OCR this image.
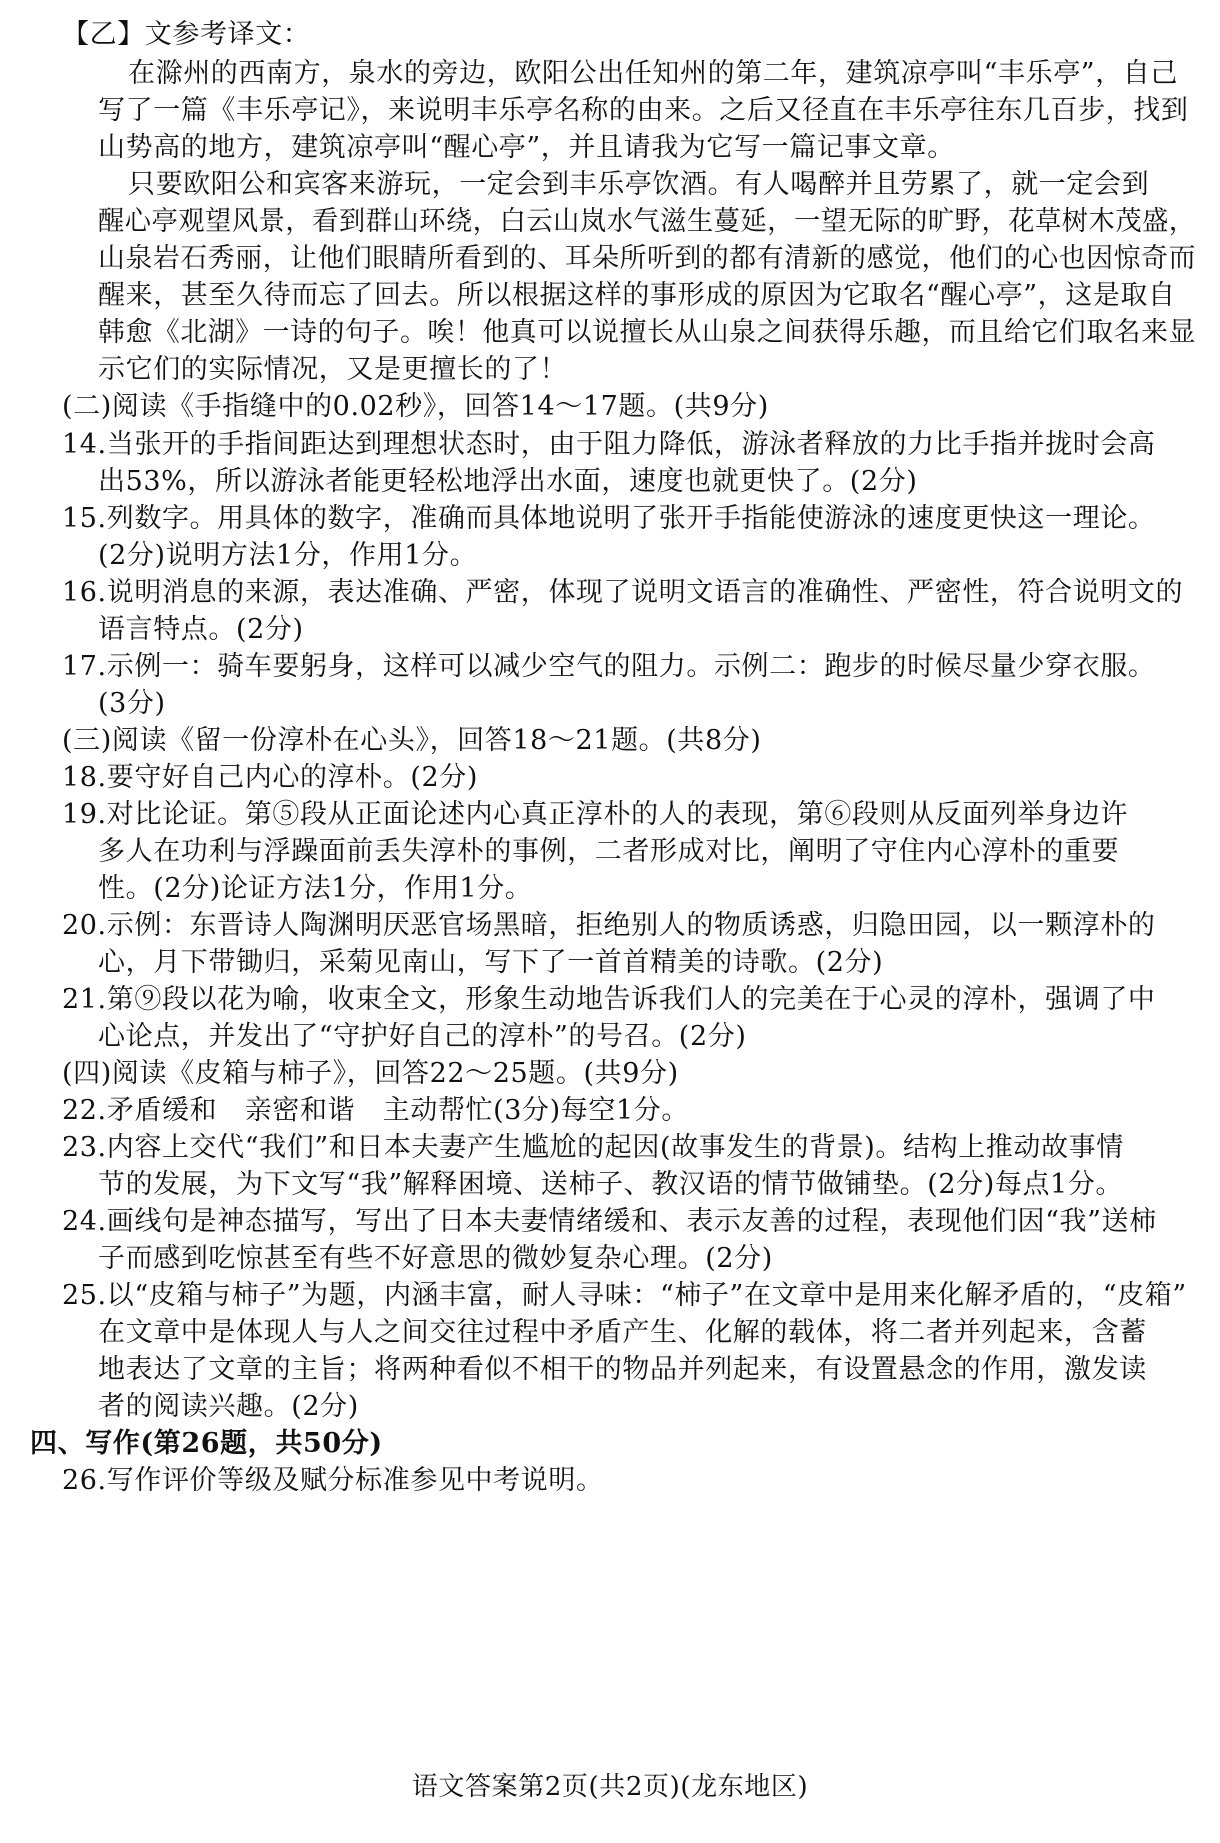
【乙】文参考译文：
在滁州的西南方，泉水的旁边，欧阳公出任知州的第二年，建筑凉亭叫“丰乐亭”，自己
写了一篇《丰乐亭记》，来说明丰乐亭名称的由来。之后又径直在丰乐亭往东几百步，找到
山势高的地方，建筑凉亭叫“醒心亭”，并且请我为它写一篇记事文章。
只要欧阳公和宾客来游玩，一定会到丰乐亭饮酒。有人喝醉并且劳累了，就一定会到
醒心亭观望风景，看到群山环绕，白云山岚水气滋生蔓延，一望无际的旷野，花草树木茂盛，
山泉岩石秀丽，让他们眼睛所看到的、耳朵所听到的都有清新的感觉，他们的心也因惊奇而
醒来，甚至久待而忘了回去。所以根据这样的事形成的原因为它取名“醒心亭”，这是取自
韩愈《北湖》一诗的句子。唉！他真可以说擅长从山泉之间获得乐趣，而且给它们取名来显
示它们的实际情况，又是更擅长的了！
(二)阅读《手指缝中的0.02秒》，回答14～17题。(共9分)
14.当张开的手指间距达到理想状态时，由于阻力降低，游泳者释放的力比手指并拢时会高
出53%，所以游泳者能更轻松地浮出水面，速度也就更快了。(2分)
15.列数字。用具体的数字，准确而具体地说明了张开手指能使游泳的速度更快这一理论。
(2分)说明方法1分，作用1分。
16.说明消息的来源，表达准确、严密，体现了说明文语言的准确性、严密性，符合说明文的
语言特点。(2分)
17.示例一：骑车要躬身，这样可以减少空气的阻力。示例二：跑步的时候尽量少穿衣服。
(3分)
(三)阅读《留一份淳朴在心头》，回答18～21题。(共8分)
18.要守好自己内心的淳朴。(2分)
19.对比论证。第⑤段从正面论述内心真正淳朴的人的表现，第⑥段则从反面列举身边许
多人在功利与浮躁面前丢失淳朴的事例，二者形成对比，阐明了守住内心淳朴的重要
性。(2分)论证方法1分，作用1分。
20.示例：东晋诗人陶渊明厌恶官场黑暗，拒绝别人的物质诱惑，归隐田园，以一颗淳朴的
心，月下带锄归，采菊见南山，写下了一首首精美的诗歌。(2分)
21.第⑨段以花为喻，收束全文，形象生动地告诉我们人的完美在于心灵的淳朴，强调了中
心论点，并发出了“守护好自己的淳朴”的号召。(2分)
(四)阅读《皮箱与柿子》，回答22～25题。(共9分)
22.矛盾缓和　亲密和谐　主动帮忙(3分)每空1分。
23.内容上交代“我们”和日本夫妻产生尴尬的起因(故事发生的背景)。结构上推动故事情
节的发展，为下文写“我”解释困境、送柿子、教汉语的情节做铺垫。(2分)每点1分。
24.画线句是神态描写，写出了日本夫妻情绪缓和、表示友善的过程，表现他们因“我”送柿
子而感到吃惊甚至有些不好意思的微妙复杂心理。(2分)
25.以“皮箱与柿子”为题，内涵丰富，耐人寻味：“柿子”在文章中是用来化解矛盾的，“皮箱”
在文章中是体现人与人之间交往过程中矛盾产生、化解的载体，将二者并列起来，含蓄
地表达了文章的主旨；将两种看似不相干的物品并列起来，有设置悬念的作用，激发读
者的阅读兴趣。(2分)
四、写作(第26题，共50分)
26.写作评价等级及赋分标准参见中考说明。
语文答案第2页(共2页)(龙东地区)
